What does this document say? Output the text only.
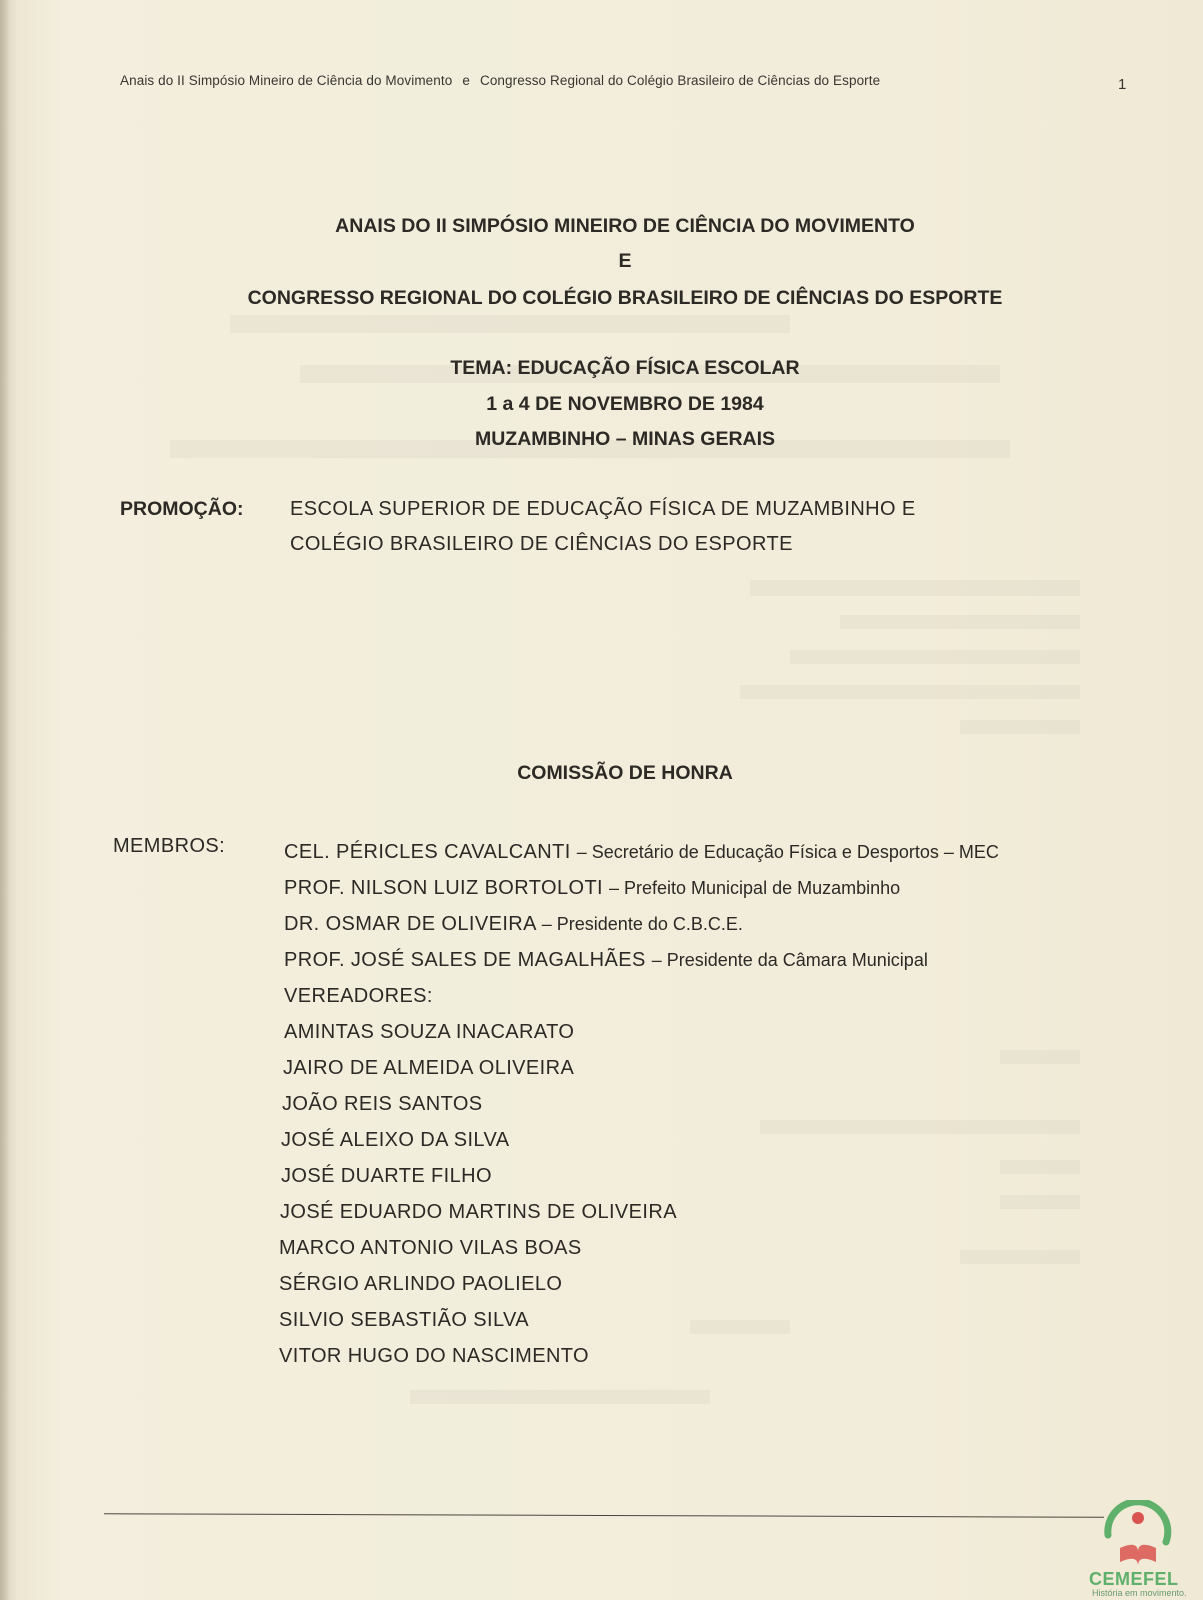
Anais do II Simpósio Mineiro de Ciência do Movimento e Congresso Regional do Colégio Brasileiro de Ciências do Esporte	1
ANAIS DO II SIMPÓSIO MINEIRO DE CIÊNCIA DO MOVIMENTO
E
CONGRESSO REGIONAL DO COLÉGIO BRASILEIRO DE CIÊNCIAS DO ESPORTE
TEMA: EDUCAÇÃO FÍSICA ESCOLAR
1 a 4 DE NOVEMBRO DE 1984
MUZAMBINHO – MINAS GERAIS
PROMOÇÃO: ESCOLA SUPERIOR DE EDUCAÇÃO FÍSICA DE MUZAMBINHO E
COLÉGIO BRASILEIRO DE CIÊNCIAS DO ESPORTE
COMISSÃO DE HONRA
MEMBROS:	CEL. PÉRICLES CAVALCANTI – Secretário de Educação Física e Desportos – MEC
PROF. NILSON LUIZ BORTOLOTI – Prefeito Municipal de Muzambinho
DR. OSMAR DE OLIVEIRA – Presidente do C.B.C.E.
PROF. JOSÉ SALES DE MAGALHÃES – Presidente da Câmara Municipal
VEREADORES:
AMINTAS SOUZA INACARATO
JAIRO DE ALMEIDA OLIVEIRA
JOÃO REIS SANTOS
JOSÉ ALEIXO DA SILVA
JOSÉ DUARTE FILHO
JOSÉ EDUARDO MARTINS DE OLIVEIRA
MARCO ANTONIO VILAS BOAS
SÉRGIO ARLINDO PAOLIELO
SILVIO SEBASTIÃO SILVA
VITOR HUGO DO NASCIMENTO
CEMEFEL
História em movimento.
